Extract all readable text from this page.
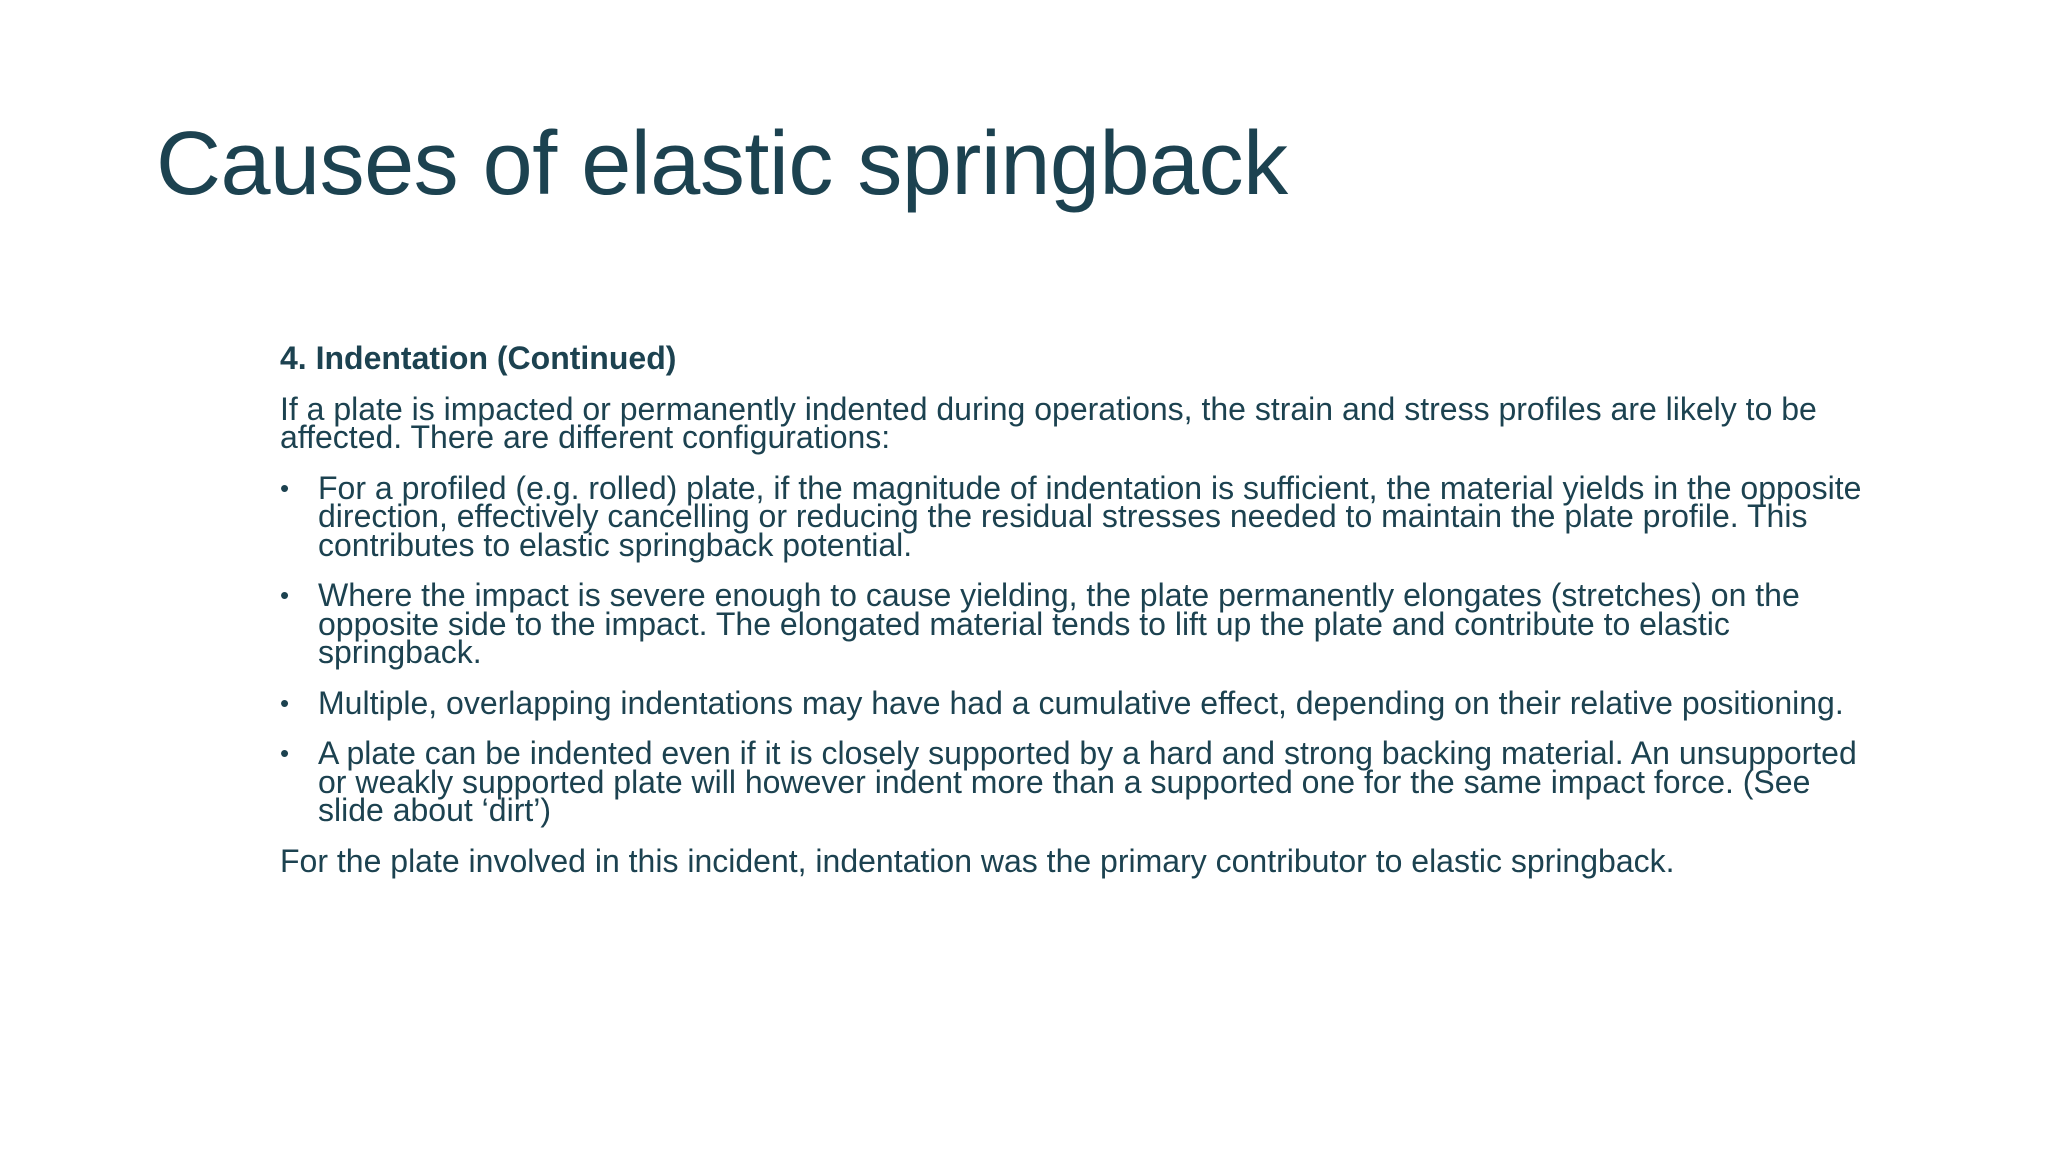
Causes of elastic springback

4. Indentation (Continued)

If a plate is impacted or permanently indented during operations, the strain and stress profiles are likely to be affected. There are different configurations:

• For a profiled (e.g. rolled) plate, if the magnitude of indentation is sufficient, the material yields in the opposite direction, effectively cancelling or reducing the residual stresses needed to maintain the plate profile. This contributes to elastic springback potential.
• Where the impact is severe enough to cause yielding, the plate permanently elongates (stretches) on the opposite side to the impact. The elongated material tends to lift up the plate and contribute to elastic springback.
• Multiple, overlapping indentations may have had a cumulative effect, depending on their relative positioning.
• A plate can be indented even if it is closely supported by a hard and strong backing material. An unsupported or weakly supported plate will however indent more than a supported one for the same impact force. (See slide about ‘dirt’)

For the plate involved in this incident, indentation was the primary contributor to elastic springback.
